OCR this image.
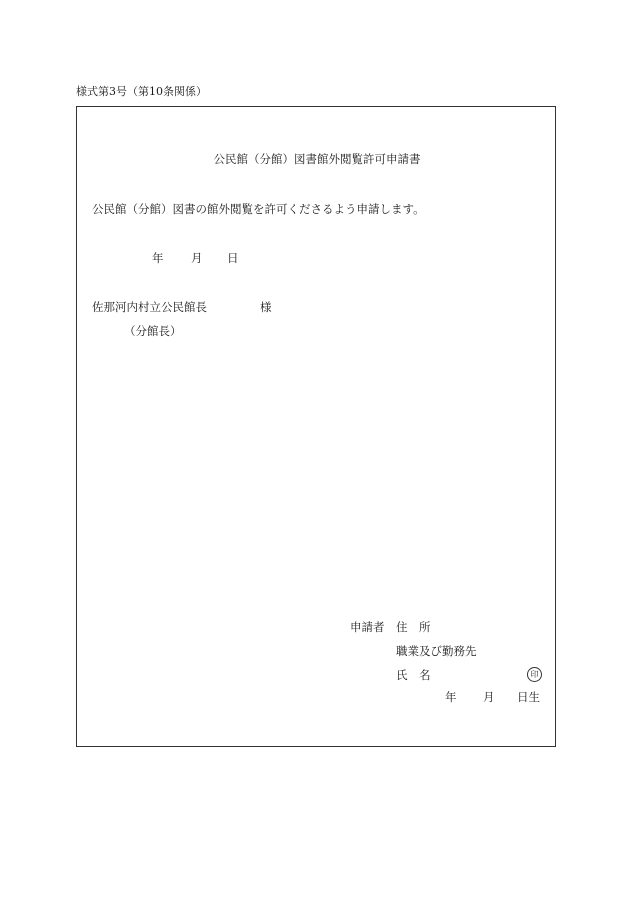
様式第3号（第10条関係）
公民館（分館）図書館外閲覧許可申請書
公民館（分館）図書の館外閲覧を許可くださるよう申請します。
年 月 日
佐那河内村立公民館長	様
（分館長）
申請者 住　所
職業及び勤務先
氏　名	印
年 月 日生
